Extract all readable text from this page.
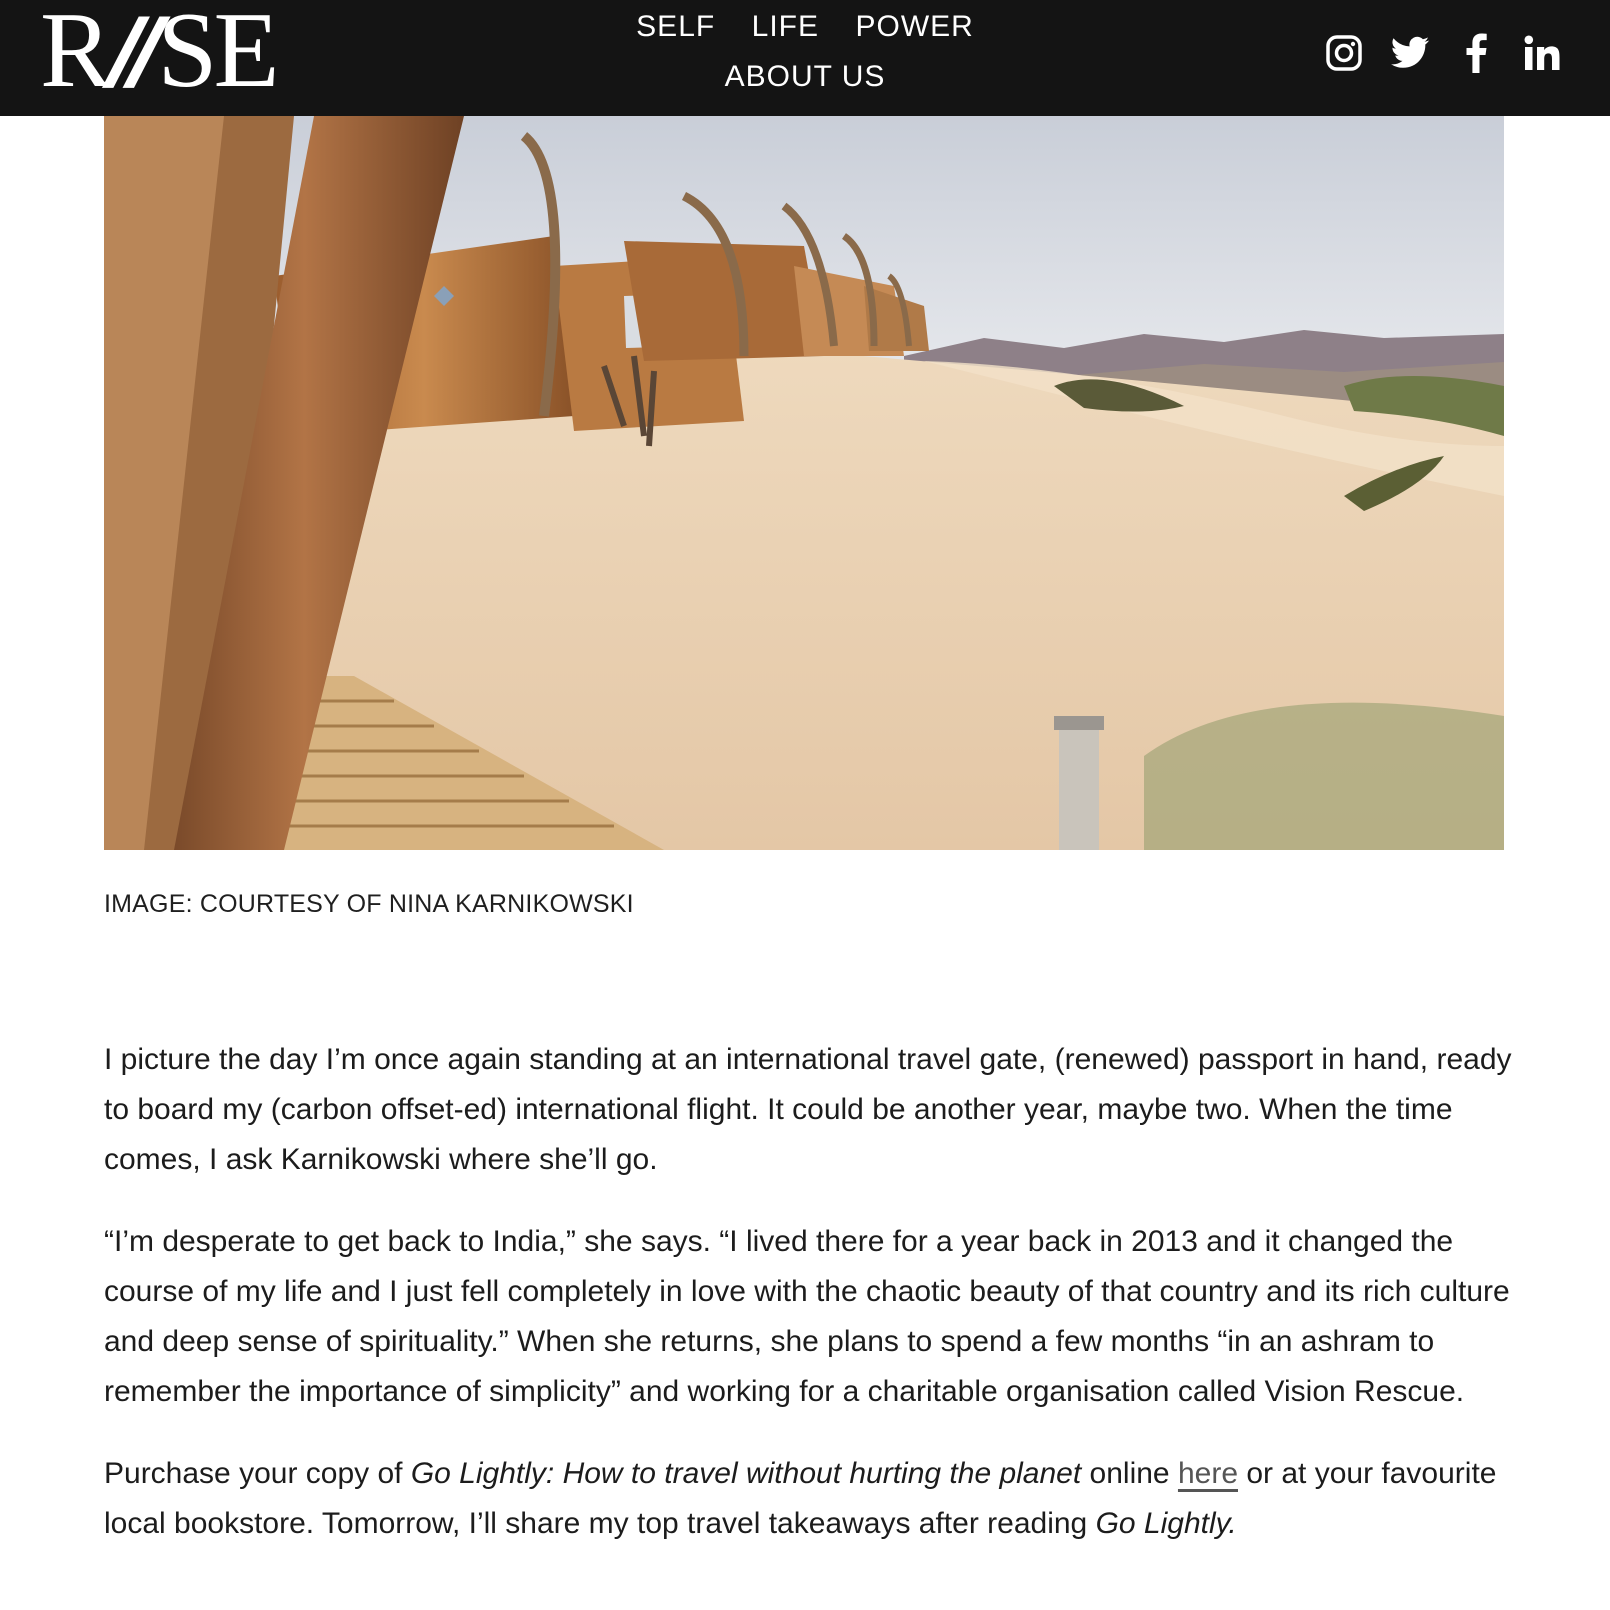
R//SE	SELF LIFE POWER
ABOUT US
IMAGE: COURTESY OF NINA KARNIKOWSKI

I picture the day I’m once again standing at an international travel gate, (renewed) passport in hand, ready to board my (carbon offset-ed) international flight. It could be another year, maybe two. When the time comes, I ask Karnikowski where she’ll go.

“I’m desperate to get back to India,” she says. “I lived there for a year back in 2013 and it changed the course of my life and I just fell completely in love with the chaotic beauty of that country and its rich culture and deep sense of spirituality.” When she returns, she plans to spend a few months “in an ashram to remember the importance of simplicity” and working for a charitable organisation called Vision Rescue.

Purchase your copy of Go Lightly: How to travel without hurting the planet online here or at your favourite local bookstore. Tomorrow, I’ll share my top travel takeaways after reading Go Lightly.
